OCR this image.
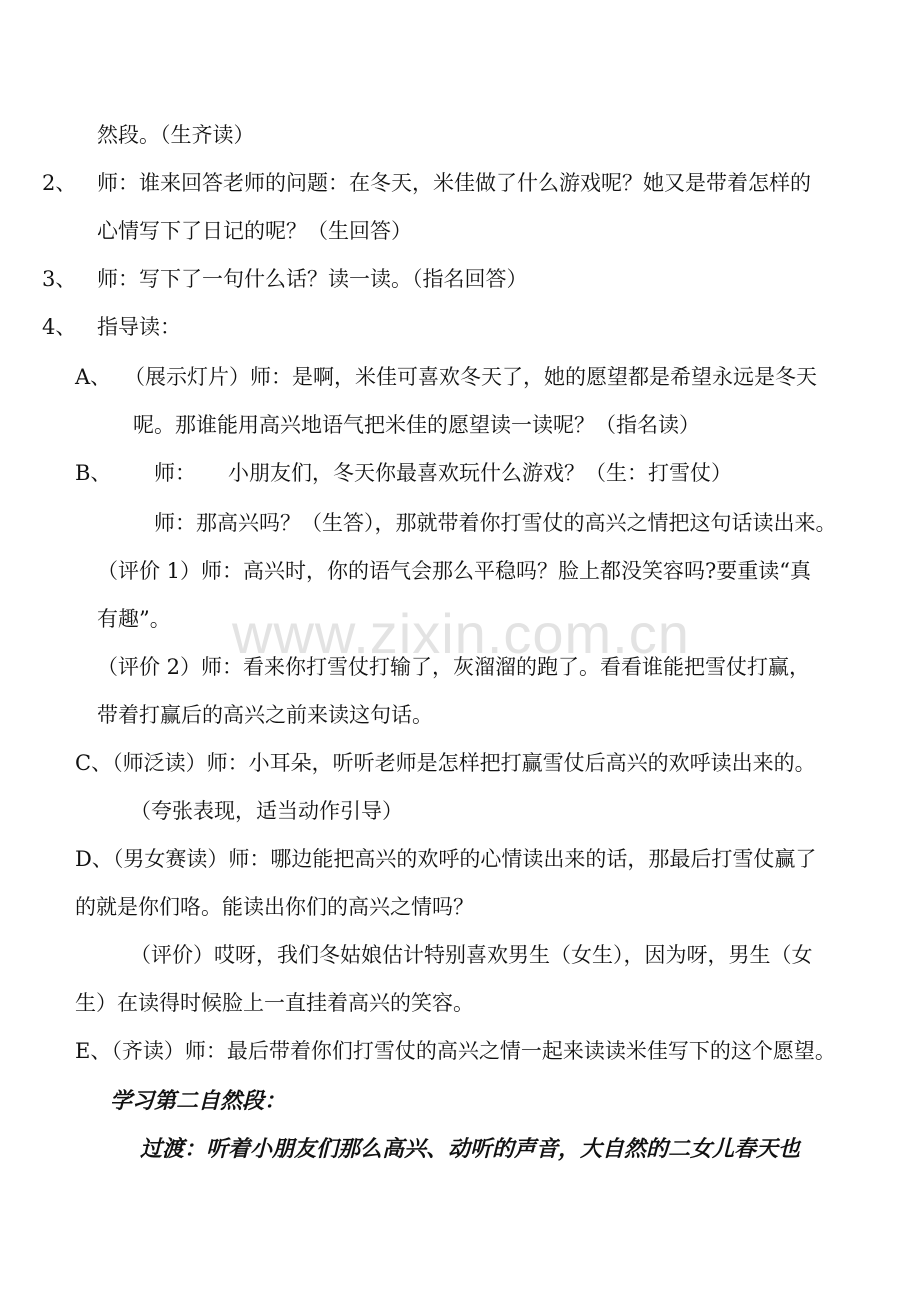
www.zixin.com.cn
然段。（生齐读）
2、 师：谁来回答老师的问题：在冬天，米佳做了什么游戏呢？她又是带着怎样的
心情写下了日记的呢？（生回答）
3、 师：写下了一句什么话？读一读。（指名回答）
4、 指导读：
A、 （展示灯片）师：是啊，米佳可喜欢冬天了，她的愿望都是希望永远是冬天
呢。那谁能用高兴地语气把米佳的愿望读一读呢？（指名读）
B、 师： 小朋友们，冬天你最喜欢玩什么游戏？（生：打雪仗）
师：那高兴吗？（生答），那就带着你打雪仗的高兴之情把这句话读出来。
（评价 1）师：高兴时，你的语气会那么平稳吗？脸上都没笑容吗?要重读“真
有趣”。
（评价 2）师：看来你打雪仗打输了，灰溜溜的跑了。看看谁能把雪仗打赢，
带着打赢后的高兴之前来读这句话。
C、（师泛读）师：小耳朵，听听老师是怎样把打赢雪仗后高兴的欢呼读出来的。
（夸张表现，适当动作引导）
D、（男女赛读）师：哪边能把高兴的欢呼的心情读出来的话，那最后打雪仗赢了
的就是你们咯。能读出你们的高兴之情吗？
（评价）哎呀，我们冬姑娘估计特别喜欢男生（女生），因为呀，男生（女
生）在读得时候脸上一直挂着高兴的笑容。
E、（齐读）师：最后带着你们打雪仗的高兴之情一起来读读米佳写下的这个愿望。
学习第二自然段：
过渡：听着小朋友们那么高兴、动听的声音，大自然的二女儿春天也
